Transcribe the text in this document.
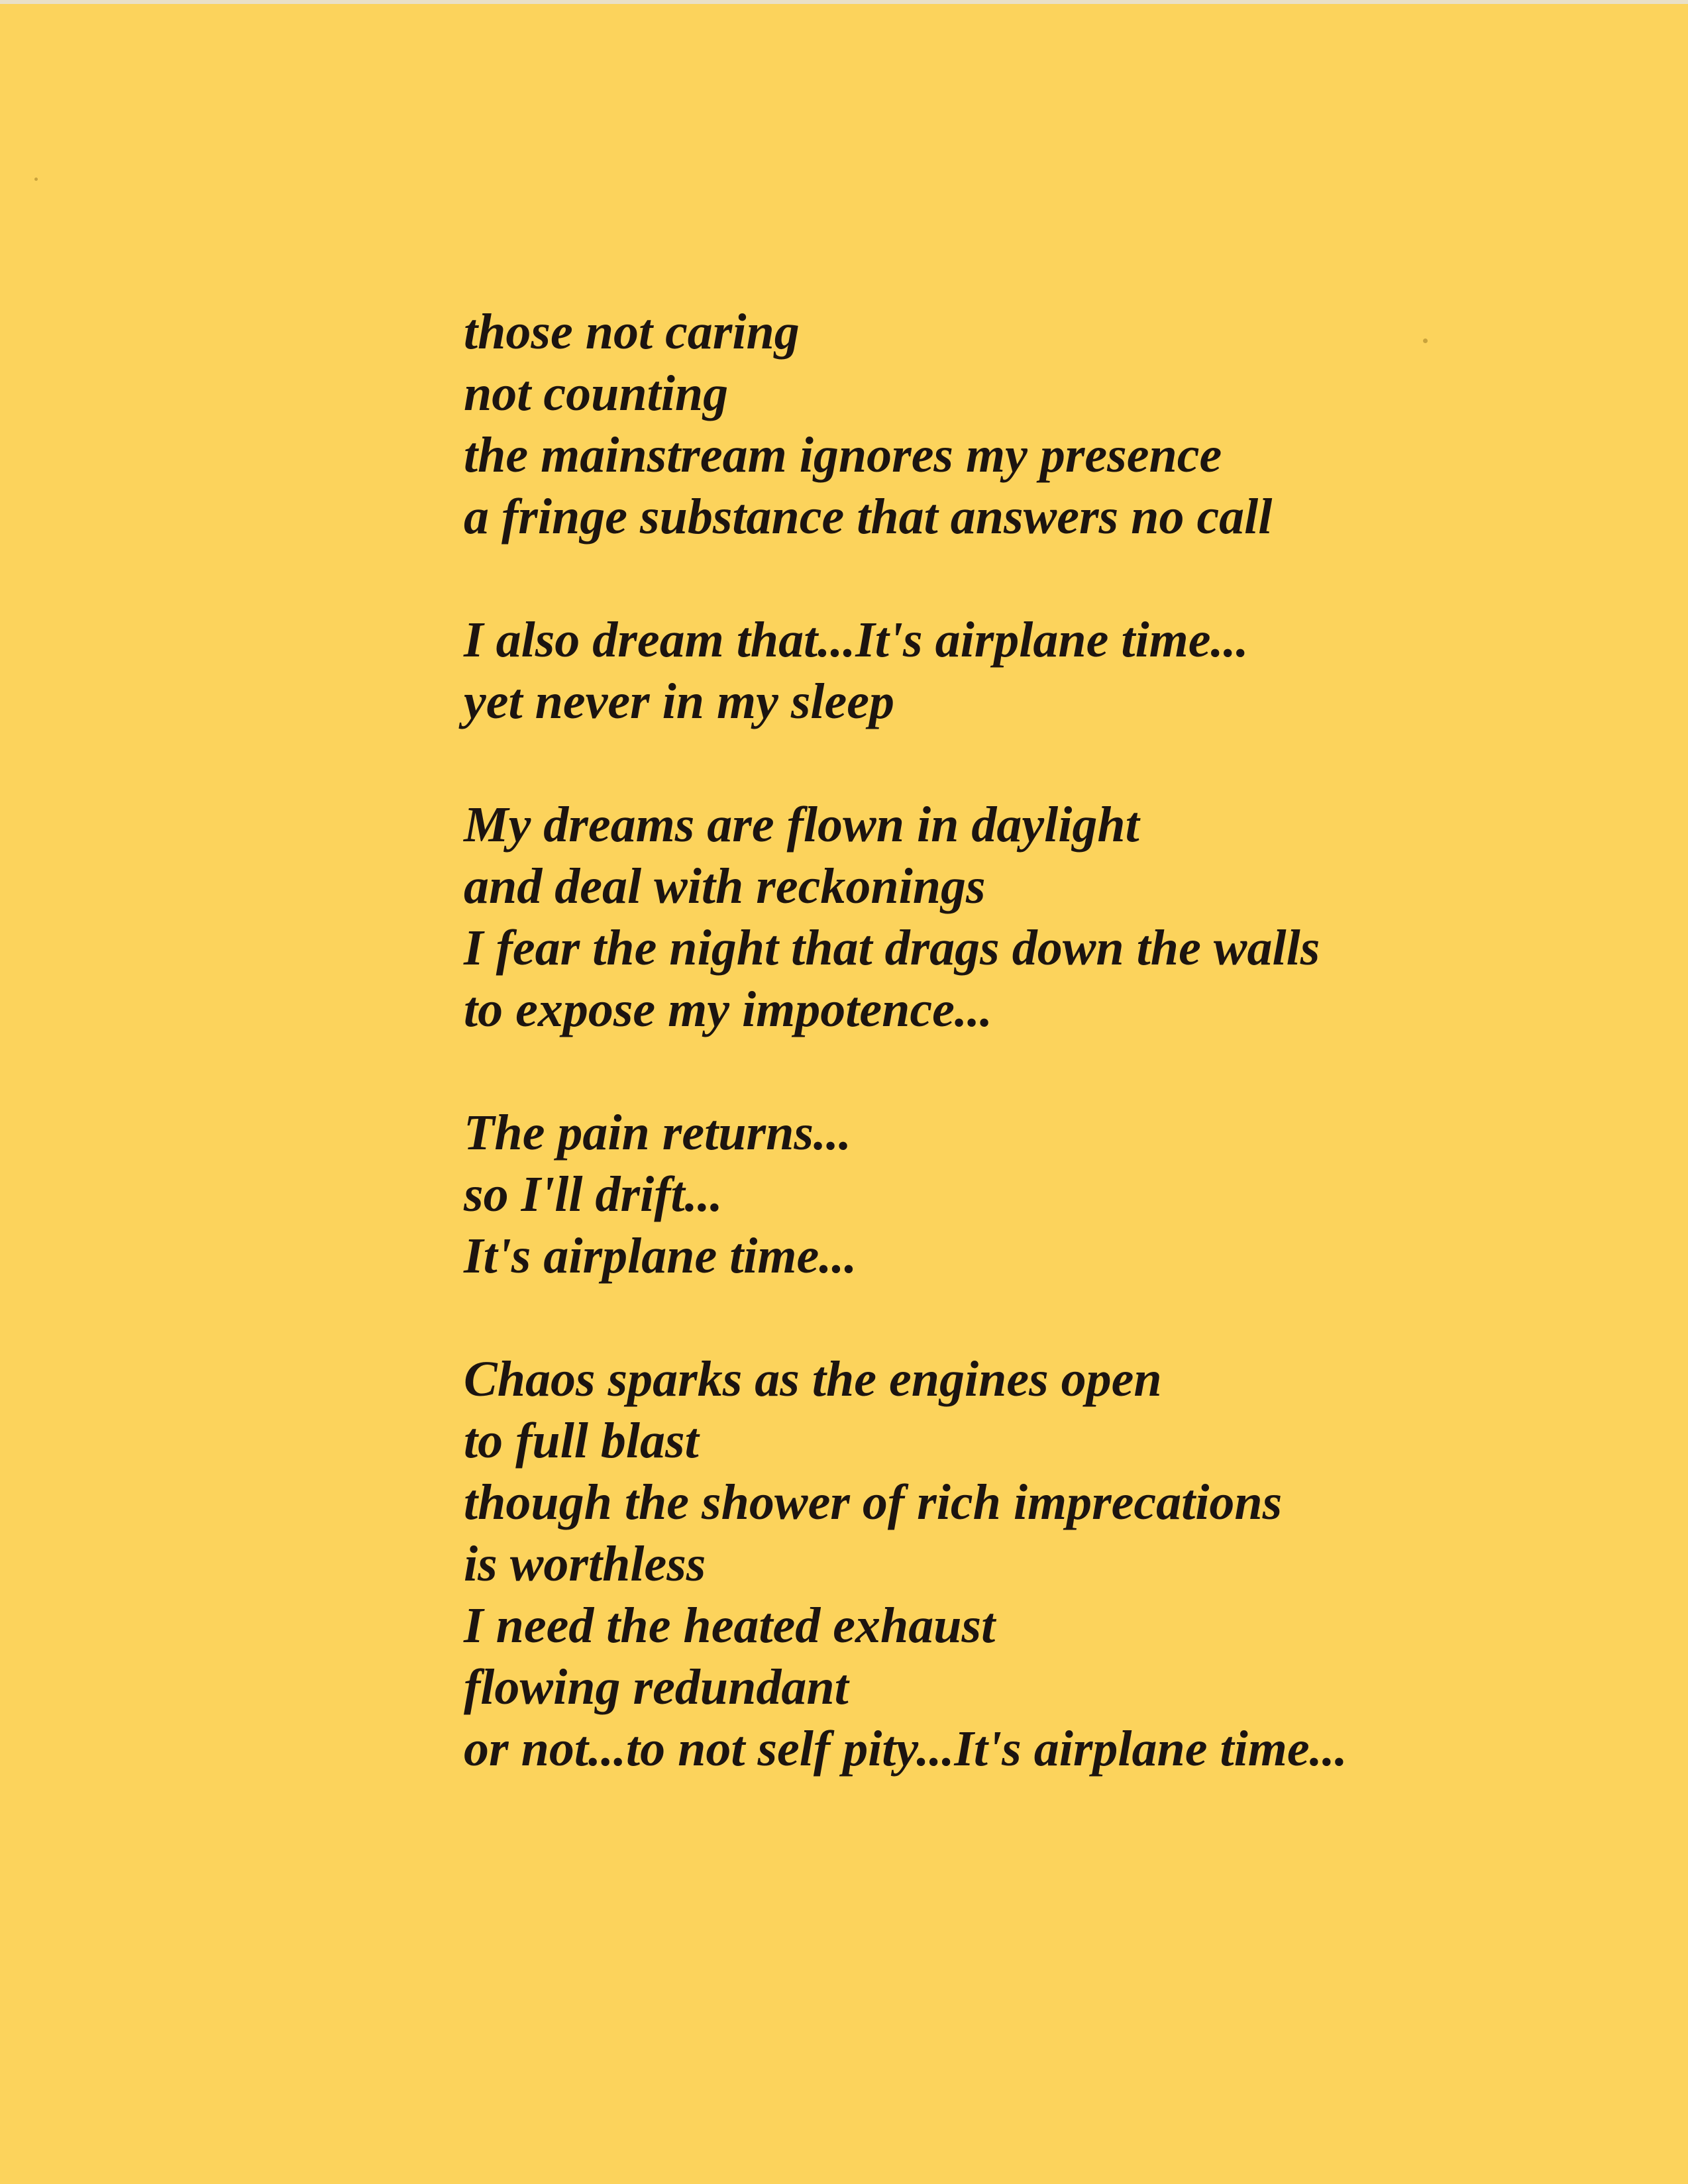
those not caring
not counting
the mainstream ignores my presence
a fringe substance that answers no call
I also dream that...It's airplane time...
yet never in my sleep
My dreams are flown in daylight
and deal with reckonings
I fear the night that drags down the walls
to expose my impotence...
The pain returns...
so I'll drift...
It's airplane time...
Chaos sparks as the engines open
to full blast
though the shower of rich imprecations
is worthless
I need the heated exhaust
flowing redundant
or not...to not self pity...It's airplane time...
